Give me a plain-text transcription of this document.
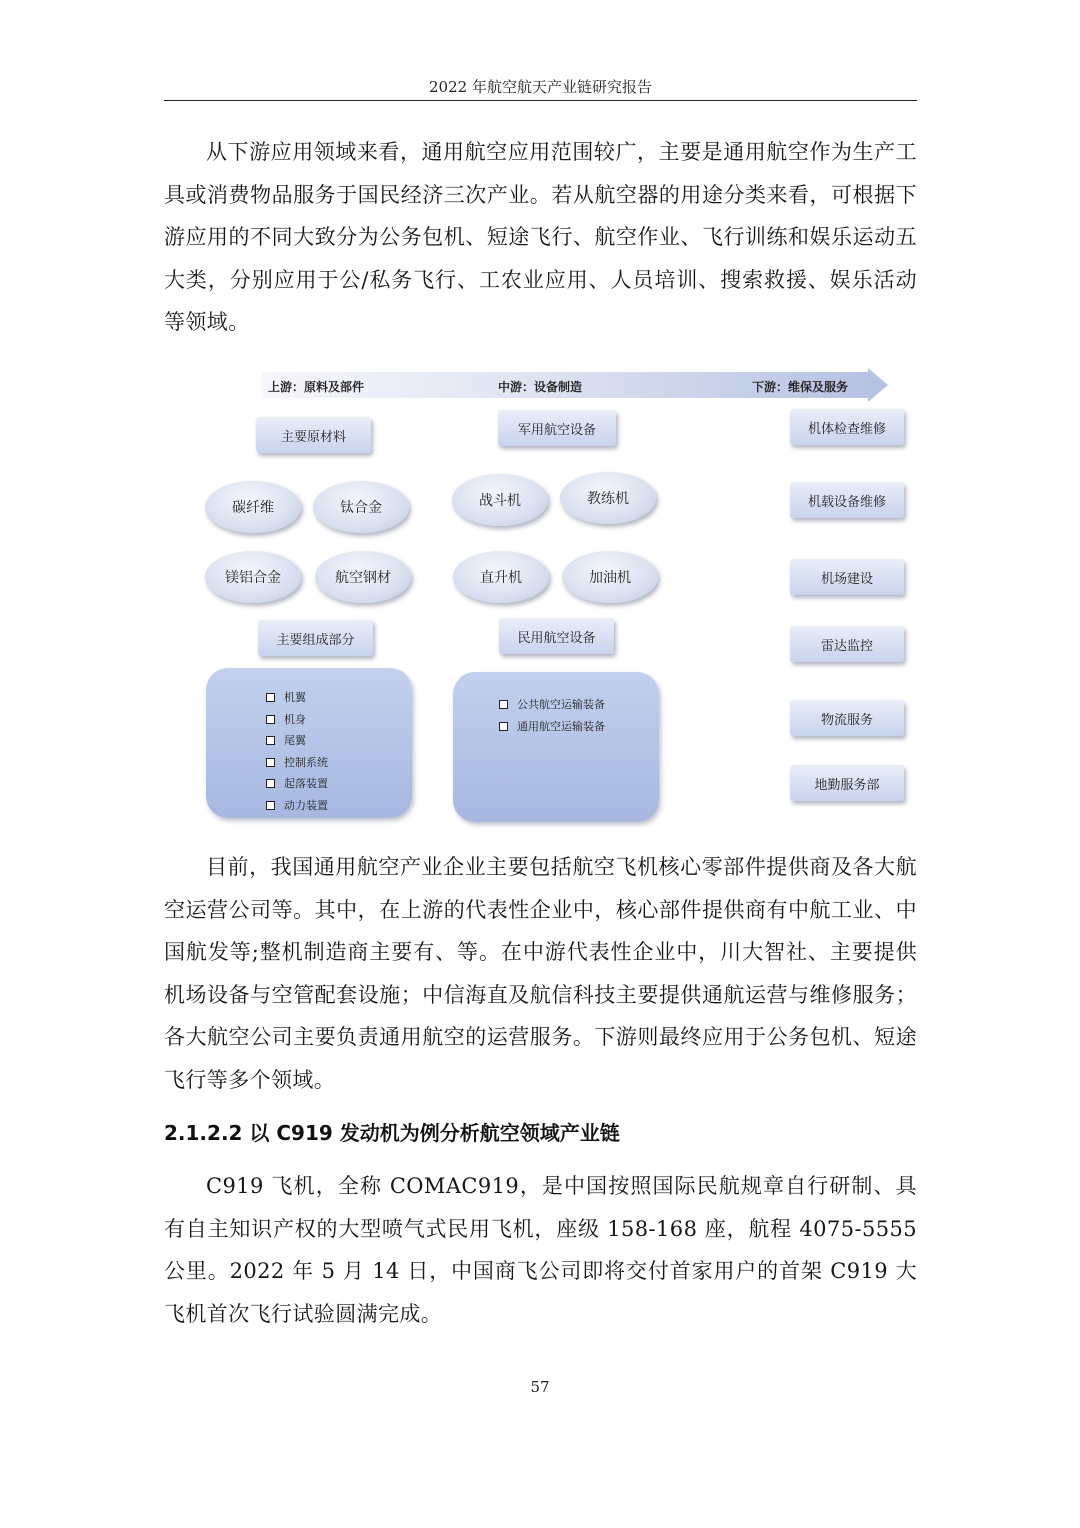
2022 年航空航天产业链研究报告

从下游应用领域来看，通用航空应用范围较广，主要是通用航空作为生产工具或消费物品服务于国民经济三次产业。若从航空器的用途分类来看，可根据下游应用的不同大致分为公务包机、短途飞行、航空作业、飞行训练和娱乐运动五大类，分别应用于公/私务飞行、工农业应用、人员培训、搜索救援、娱乐活动等领域。

上游：原料及部件	中游：设备制造	下游：维保及服务
主要原材料
碳纤维	钛合金
镁铝合金	航空钢材
主要组成部分
机翼
机身
尾翼
控制系统
起落装置
动力装置
军用航空设备
战斗机	教练机
直升机	加油机
民用航空设备
公共航空运输装备
通用航空运输装备
机体检查维修
机载设备维修
机场建设
雷达监控
物流服务
地勤服务部

目前，我国通用航空产业企业主要包括航空飞机核心零部件提供商及各大航空运营公司等。其中，在上游的代表性企业中，核心部件提供商有中航工业、中国航发等;整机制造商主要有、等。在中游代表性企业中，川大智社、主要提供机场设备与空管配套设施；中信海直及航信科技主要提供通航运营与维修服务；各大航空公司主要负责通用航空的运营服务。下游则最终应用于公务包机、短途飞行等多个领域。

2.1.2.2 以 C919 发动机为例分析航空领域产业链

C919 飞机，全称 COMAC919，是中国按照国际民航规章自行研制、具有自主知识产权的大型喷气式民用飞机，座级 158-168 座，航程 4075-5555 公里。2022 年 5 月 14 日，中国商飞公司即将交付首家用户的首架 C919 大飞机首次飞行试验圆满完成。

57
